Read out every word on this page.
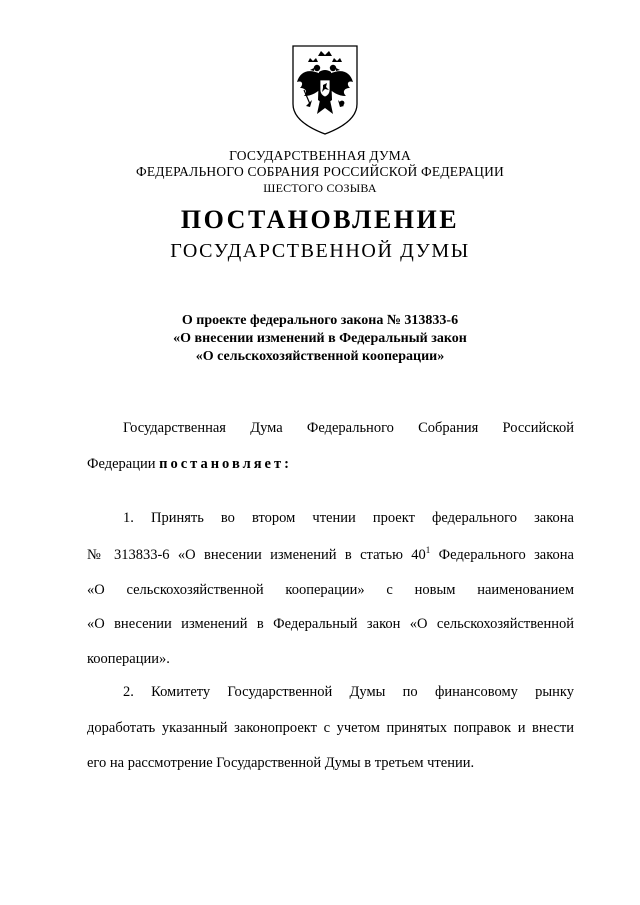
ГОСУДАРСТВЕННАЯ ДУМА
ФЕДЕРАЛЬНОГО СОБРАНИЯ РОССИЙСКОЙ ФЕДЕРАЦИИ
ШЕСТОГО СОЗЫВА
ПОСТАНОВЛЕНИЕ
ГОСУДАРСТВЕННОЙ ДУМЫ
О проекте федерального закона № 313833-6
«О внесении изменений в Федеральный закон
«О сельскохозяйственной кооперации»
Государственная Дума Федерального Собрания Российской
Федерации постановляет:
1. Принять во втором чтении проект федерального закона
№ 313833-6 «О внесении изменений в статью $40^1$ Федерального закона
«О сельскохозяйственной кооперации» с новым наименованием
«О внесении изменений в Федеральный закон «О сельскохозяйственной
кооперации».
2. Комитету Государственной Думы по финансовому рынку
доработать указанный законопроект с учетом принятых поправок и внести
его на рассмотрение Государственной Думы в третьем чтении.
